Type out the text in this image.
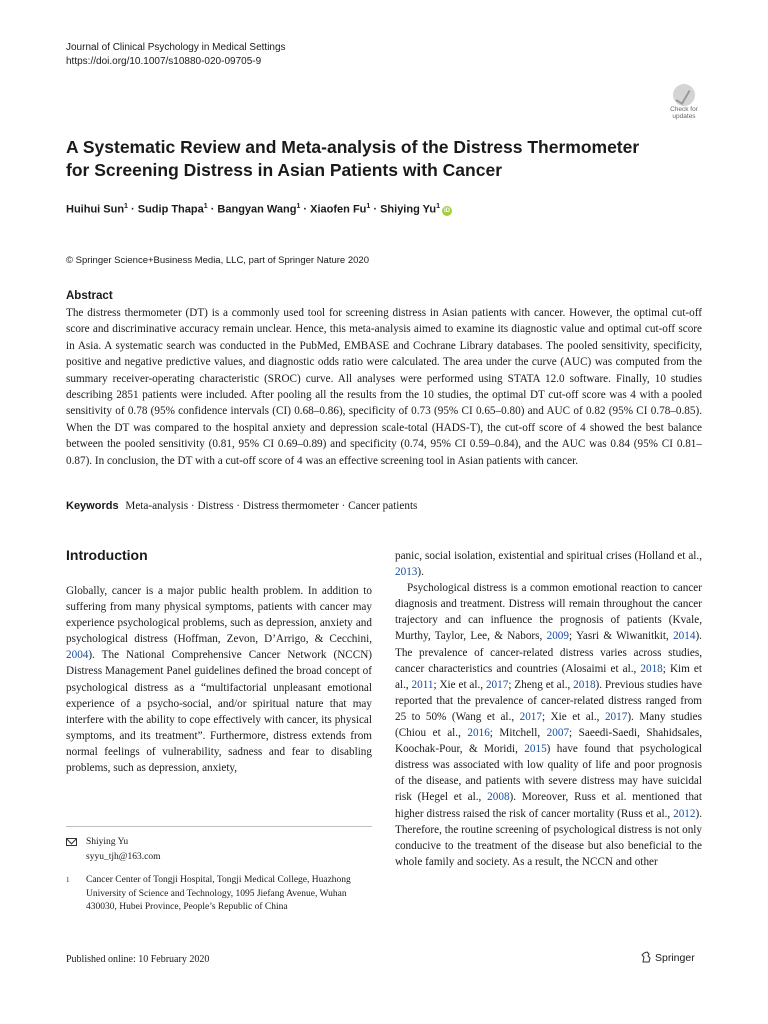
Journal of Clinical Psychology in Medical Settings
https://doi.org/10.1007/s10880-020-09705-9
Check for
updates
A Systematic Review and Meta-analysis of the Distress Thermometer
for Screening Distress in Asian Patients with Cancer
Huihui Sun$^1$ · Sudip Thapa$^1$ · Bangyan Wang$^1$ · Xiaofen $Fu^1$ · Shiying Yu$^1$iD
© Springer Science+Business Media, LLC, part of Springer Nature 2020
Abstract
The distress thermometer (DT) is a commonly used tool for screening distress in Asian patients with cancer. However, the optimal cut-off score and discriminative accuracy remain unclear. Hence, this meta-analysis aimed to examine its diagnostic value and optimal cut-off score in Asia. A systematic search was conducted in the PubMed, EMBASE and Cochrane Library databases. The pooled sensitivity, specificity, positive and negative predictive values, and diagnostic odds ratio were calculated. The area under the curve (AUC) was computed from the summary receiver-operating characteristic (SROC) curve. All analyses were performed using STATA 12.0 software. Finally, 10 studies describing 2851 patients were included. After pooling all the results from the 10 studies, the optimal DT cut-off score was 4 with a pooled sensitivity of 0.78 (95% confidence intervals (CI) 0.68–0.86), specificity of 0.73 (95% CI 0.65–0.80) and AUC of 0.82 (95% CI 0.78–0.85). When the DT was compared to the hospital anxiety and depression scale-total (HADS-T), the cut-off score of 4 showed the best balance between the pooled sensitivity (0.81, 95% CI 0.69–0.89) and specificity (0.74, 95% CI 0.59–0.84), and the AUC was 0.84 (95% CI 0.81–0.87). In conclusion, the DT with a cut-off score of 4 was an effective screening tool in Asian patients with cancer.
Keywords Meta-analysis · Distress · Distress thermometer · Cancer patients
Introduction
Globally, cancer is a major public health problem. In addition to suffering from many physical symptoms, patients with cancer may experience psychological problems, such as depression, anxiety and psychological distress (Hoffman, Zevon, D’Arrigo, & Cecchini, 2004). The National Comprehensive Cancer Network (NCCN) Distress Management Panel guidelines defined the broad concept of psychological distress as a “multifactorial unpleasant emotional experience of a psycho-social, and/or spiritual nature that may interfere with the ability to cope effectively with cancer, its physical symptoms, and its treatment”. Furthermore, distress extends from normal feelings of vulnerability, sadness and fear to disabling problems, such as depression, anxiety,
panic, social isolation, existential and spiritual crises (Holland et al., 2013).
Psychological distress is a common emotional reaction to cancer diagnosis and treatment. Distress will remain throughout the cancer trajectory and can influence the prognosis of patients (Kvale, Murthy, Taylor, Lee, & Nabors, 2009; Yasri & Wiwanitkit, 2014). The prevalence of cancer-related distress varies across studies, cancer characteristics and countries (Alosaimi et al., 2018; Kim et al., 2011; Xie et al., 2017; Zheng et al., 2018). Previous studies have reported that the prevalence of cancer-related distress ranged from 25 to 50% (Wang et al., 2017; Xie et al., 2017). Many studies (Chiou et al., 2016; Mitchell, 2007; Saeedi-Saedi, Shahidsales, Koochak-Pour, & Moridi, 2015) have found that psychological distress was associated with low quality of life and poor prognosis of the disease, and patients with severe distress may have suicidal risk (Hegel et al., 2008). Moreover, Russ et al. mentioned that higher distress raised the risk of cancer mortality (Russ et al., 2012). Therefore, the routine screening of psychological distress is not only conducive to the treatment of the disease but also beneficial to the whole family and society. As a result, the NCCN and other
Shiying Yu
syyu_tjh@163.com
1 Cancer Center of Tongji Hospital, Tongji Medical College, Huazhong University of Science and Technology, 1095 Jiefang Avenue, Wuhan 430030, Hubei Province, People’s Republic of China
Published online: 10 February 2020	Springer
